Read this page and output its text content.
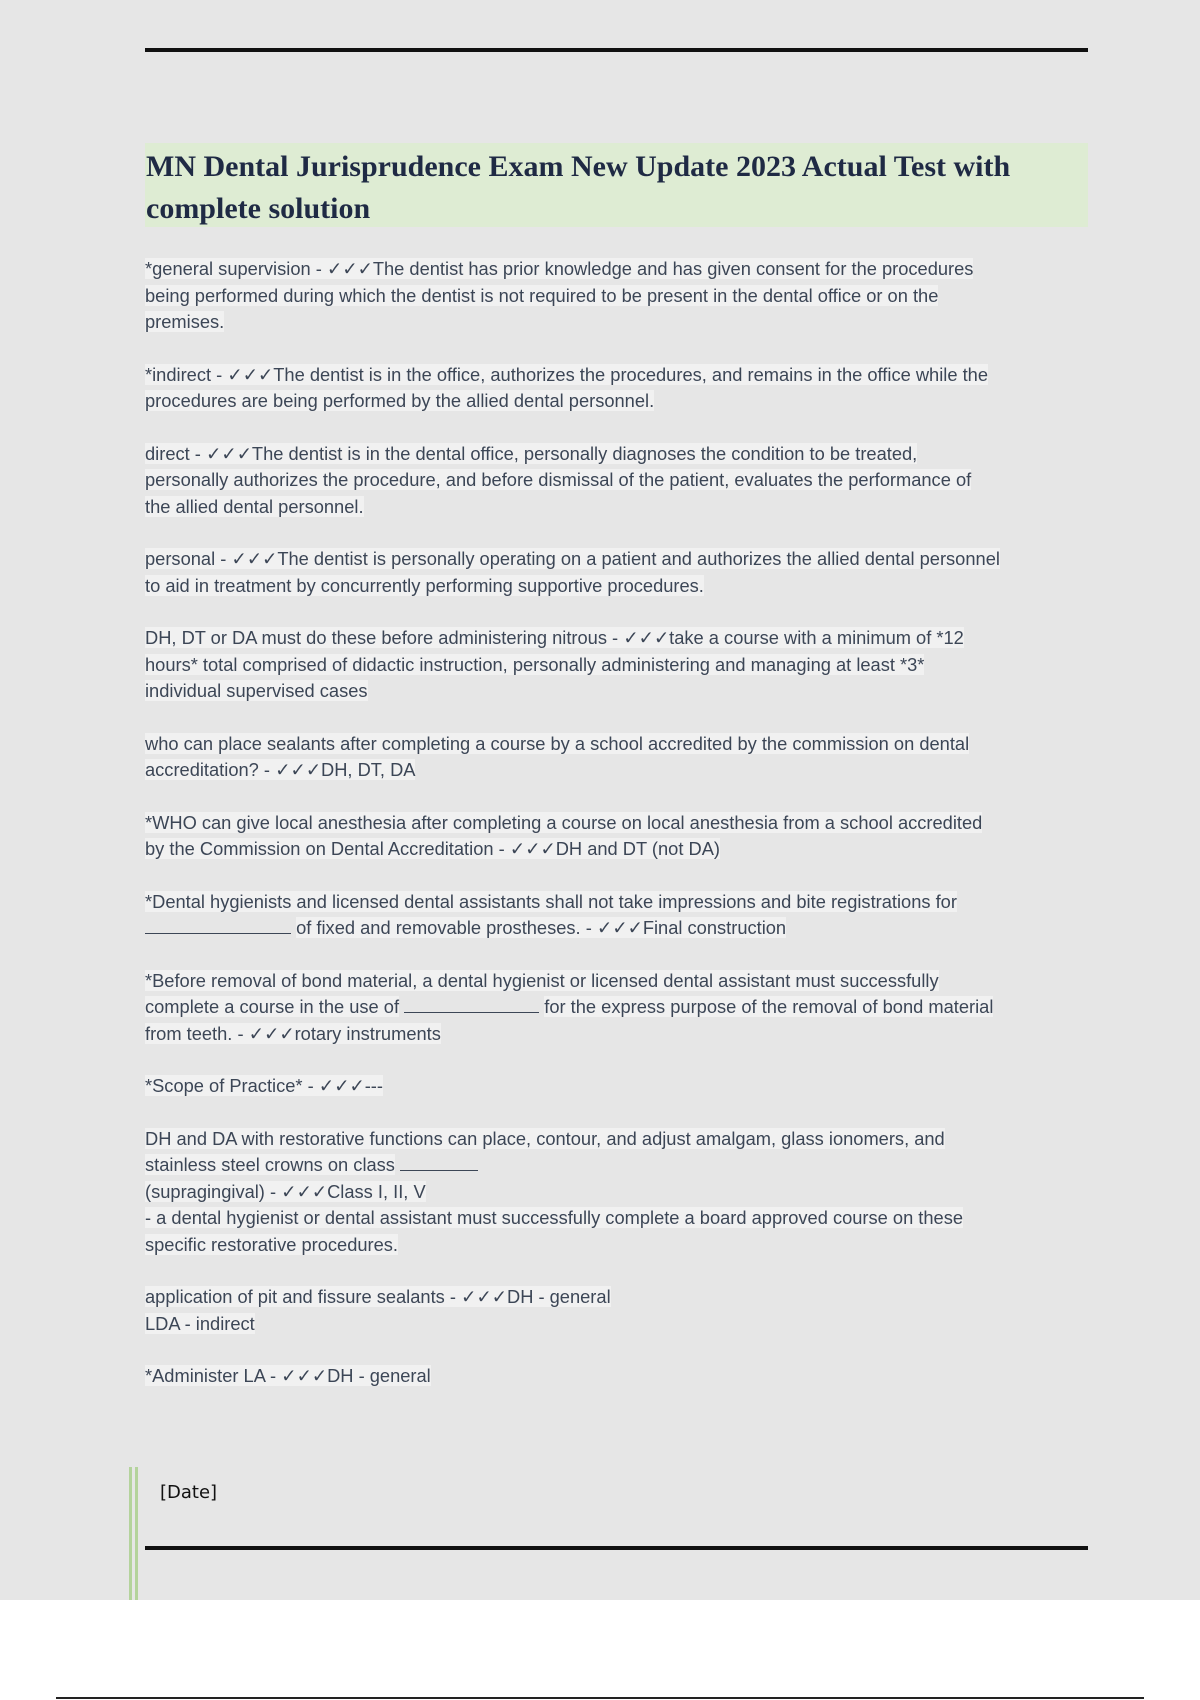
MN Dental Jurisprudence Exam New Update 2023 Actual Test with
complete solution

*general supervision - ✓✓✓The dentist has prior knowledge and has given consent for the procedures
being performed during which the dentist is not required to be present in the dental office or on the
premises.

*indirect - ✓✓✓The dentist is in the office, authorizes the procedures, and remains in the office while the
procedures are being performed by the allied dental personnel.

direct - ✓✓✓The dentist is in the dental office, personally diagnoses the condition to be treated,
personally authorizes the procedure, and before dismissal of the patient, evaluates the performance of
the allied dental personnel.

personal - ✓✓✓The dentist is personally operating on a patient and authorizes the allied dental personnel
to aid in treatment by concurrently performing supportive procedures.

DH, DT or DA must do these before administering nitrous - ✓✓✓take a course with a minimum of *12
hours* total comprised of didactic instruction, personally administering and managing at least *3*
individual supervised cases

who can place sealants after completing a course by a school accredited by the commission on dental
accreditation? - ✓✓✓DH, DT, DA

*WHO can give local anesthesia after completing a course on local anesthesia from a school accredited
by the Commission on Dental Accreditation - ✓✓✓DH and DT (not DA)

*Dental hygienists and licensed dental assistants shall not take impressions and bite registrations for
of fixed and removable prostheses. - ✓✓✓Final construction

*Before removal of bond material, a dental hygienist or licensed dental assistant must successfully
complete a course in the use of	for the express purpose of the removal of bond material
from teeth. - ✓✓✓rotary instruments

*Scope of Practice* - ✓✓✓---

DH and DA with restorative functions can place, contour, and adjust amalgam, glass ionomers, and
stainless steel crowns on class
(supragingival) - ✓✓✓Class I, II, V
- a dental hygienist or dental assistant must successfully complete a board approved course on these
specific restorative procedures.

application of pit and fissure sealants - ✓✓✓DH - general
LDA - indirect

*Administer LA - ✓✓✓DH - general

[Date]
